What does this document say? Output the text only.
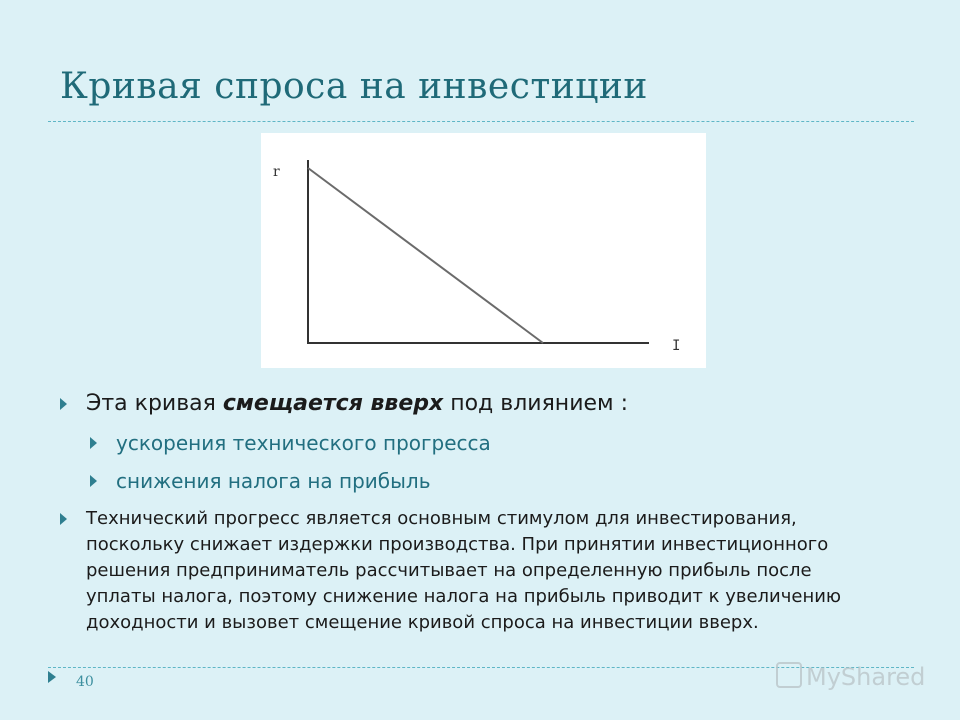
Кривая спроса на инвестиции
r
I
Эта кривая смещается вверх под влиянием :
ускорения технического прогресса
снижения налога на прибыль
Технический прогресс является основным стимулом для инвестирования, поскольку снижает издержки производства. При принятии инвестиционного решения предприниматель рассчитывает на определенную прибыль после уплаты налога, поэтому снижение налога на прибыль приводит к увеличению доходности и вызовет смещение кривой спроса на инвестиции вверх.
40	MyShared
